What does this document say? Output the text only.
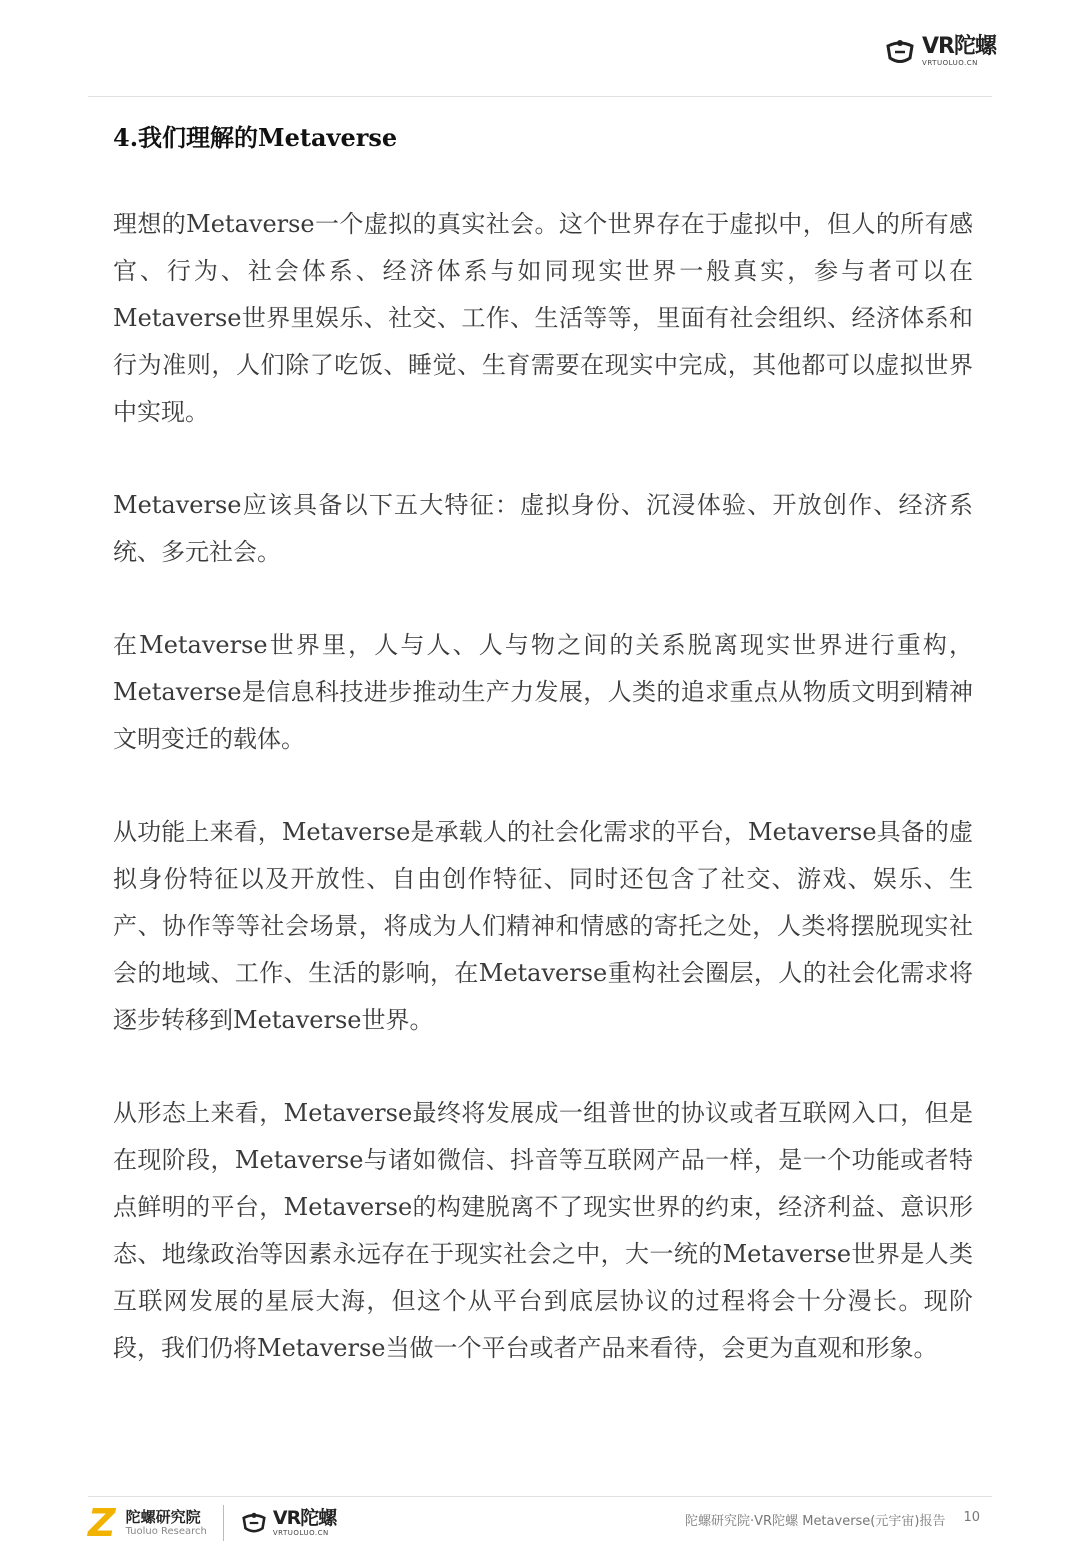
VR陀螺
VRTUOLUO.CN
4.我们理解的Metaverse

理想的Metaverse一个虚拟的真实社会。这个世界存在于虚拟中，但人的所有感官、行为、社会体系、经济体系与如同现实世界一般真实，参与者可以在Metaverse世界里娱乐、社交、工作、生活等等，里面有社会组织、经济体系和行为准则，人们除了吃饭、睡觉、生育需要在现实中完成，其他都可以虚拟世界中实现。

Metaverse应该具备以下五大特征：虚拟身份、沉浸体验、开放创作、经济系统、多元社会。

在Metaverse世界里，人与人、人与物之间的关系脱离现实世界进行重构，Metaverse是信息科技进步推动生产力发展，人类的追求重点从物质文明到精神文明变迁的载体。

从功能上来看，Metaverse是承载人的社会化需求的平台，Metaverse具备的虚拟身份特征以及开放性、自由创作特征、同时还包含了社交、游戏、娱乐、生产、协作等等社会场景，将成为人们精神和情感的寄托之处，人类将摆脱现实社会的地域、工作、生活的影响，在Metaverse重构社会圈层，人的社会化需求将逐步转移到Metaverse世界。

从形态上来看，Metaverse最终将发展成一组普世的协议或者互联网入口，但是在现阶段，Metaverse与诸如微信、抖音等互联网产品一样，是一个功能或者特点鲜明的平台，Metaverse的构建脱离不了现实世界的约束，经济利益、意识形态、地缘政治等因素永远存在于现实社会之中，大一统的Metaverse世界是人类互联网发展的星辰大海，但这个从平台到底层协议的过程将会十分漫长。现阶段，我们仍将Metaverse当做一个平台或者产品来看待，会更为直观和形象。

Z 陀螺研究院
Tuoluo Research
VR陀螺
VRTUOLUO.CN
陀螺研究院·VR陀螺 Metaverse(元宇宙)报告 10
